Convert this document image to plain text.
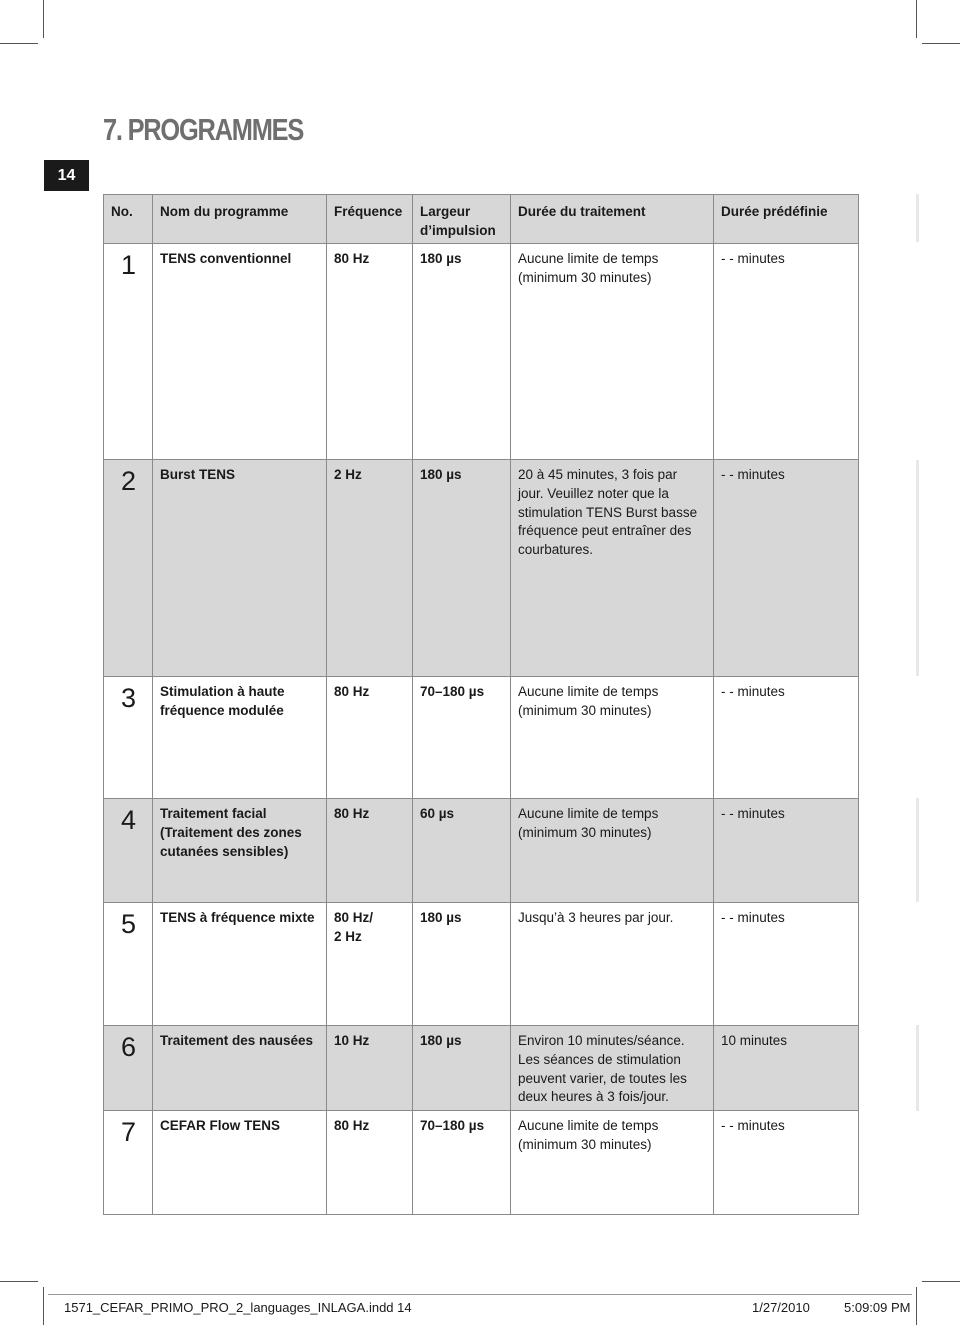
14
7. PROGRAMMES
No.	Nom du programme	Fréquence	Largeur d’impulsion	Durée du traitement	Durée prédéfinie

1	TENS conventionnel	80 Hz	180 µs	Aucune limite de temps (minimum 30 minutes)	- - minutes

2	Burst TENS	2 Hz	180 µs	20 à 45 minutes, 3 fois par jour. Veuillez noter que la stimulation TENS Burst basse fréquence peut entraîner des courbatures.	- - minutes

3	Stimulation à haute fréquence modulée	80 Hz	70–180 µs	Aucune limite de temps (minimum 30 minutes)	- - minutes

4	Traitement facial (Traitement des zones cutanées sensibles)	80 Hz	60 µs	Aucune limite de temps (minimum 30 minutes)	- - minutes

5	TENS à fréquence mixte	80 Hz/ 2 Hz	180 µs	Jusqu’à 3 heures par jour.	- - minutes

6	Traitement des nausées	10 Hz	180 µs	Environ 10 minutes/séance. Les séances de stimulation peuvent varier, de toutes les deux heures à 3 fois/jour.	10 minutes

7	CEFAR Flow TENS	80 Hz	70–180 µs	Aucune limite de temps (minimum 30 minutes)	- - minutes
1571_CEFAR_PRIMO_PRO_2_languages_INLAGA.indd 14	1/27/2010	5:09:09 PM
